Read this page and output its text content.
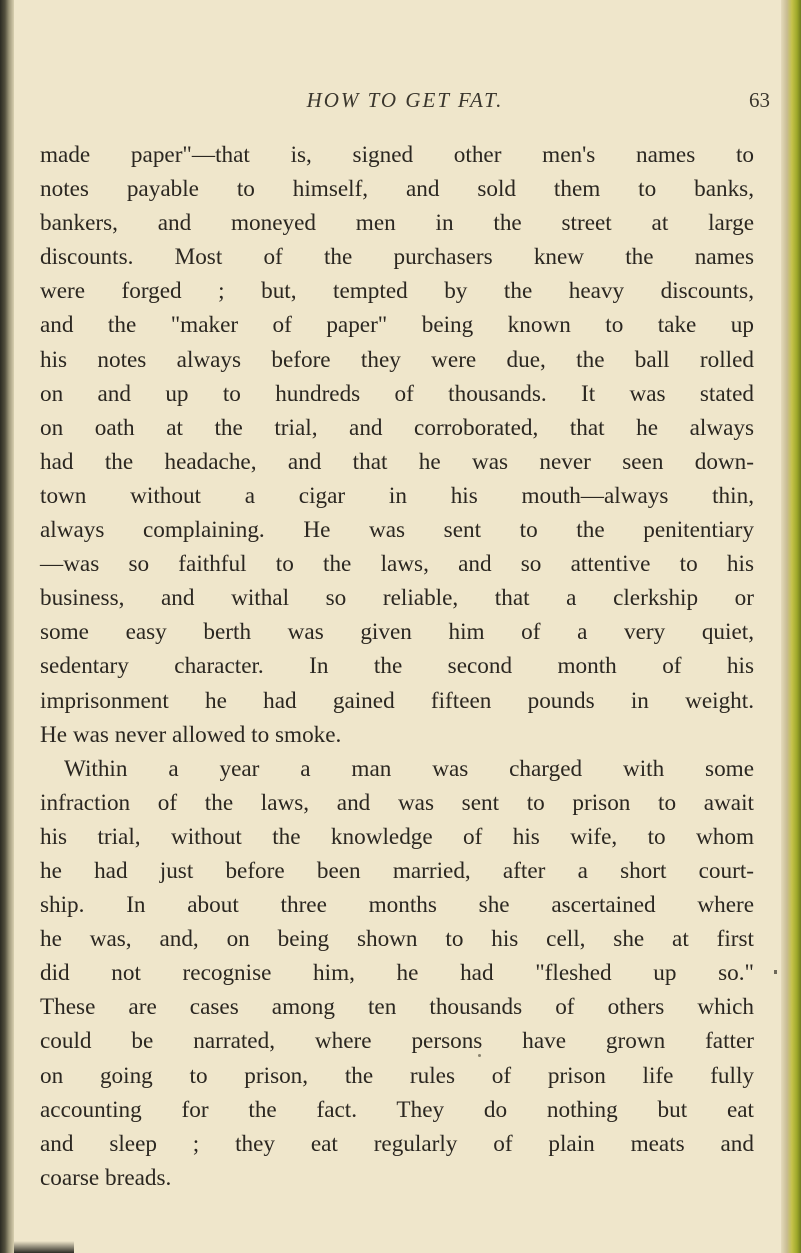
HOW TO GET FAT.	63
made paper"—that is, signed other men's names to
notes payable to himself, and sold them to banks,
bankers, and moneyed men in the street at large
discounts. Most of the purchasers knew the names
were forged ; but, tempted by the heavy discounts,
and the "maker of paper" being known to take up
his notes always before they were due, the ball rolled
on and up to hundreds of thousands. It was stated
on oath at the trial, and corroborated, that he always
had the headache, and that he was never seen down-
town without a cigar in his mouth—always thin,
always complaining. He was sent to the penitentiary
—was so faithful to the laws, and so attentive to his
business, and withal so reliable, that a clerkship or
some easy berth was given him of a very quiet,
sedentary character. In the second month of his
imprisonment he had gained fifteen pounds in weight.
He was never allowed to smoke.
Within a year a man was charged with some
infraction of the laws, and was sent to prison to await
his trial, without the knowledge of his wife, to whom
he had just before been married, after a short court-
ship. In about three months she ascertained where
he was, and, on being shown to his cell, she at first
did not recognise him, he had "fleshed up so."
These are cases among ten thousands of others which
could be narrated, where persons have grown fatter
on going to prison, the rules of prison life fully
accounting for the fact. They do nothing but eat
and sleep ; they eat regularly of plain meats and
coarse breads.
